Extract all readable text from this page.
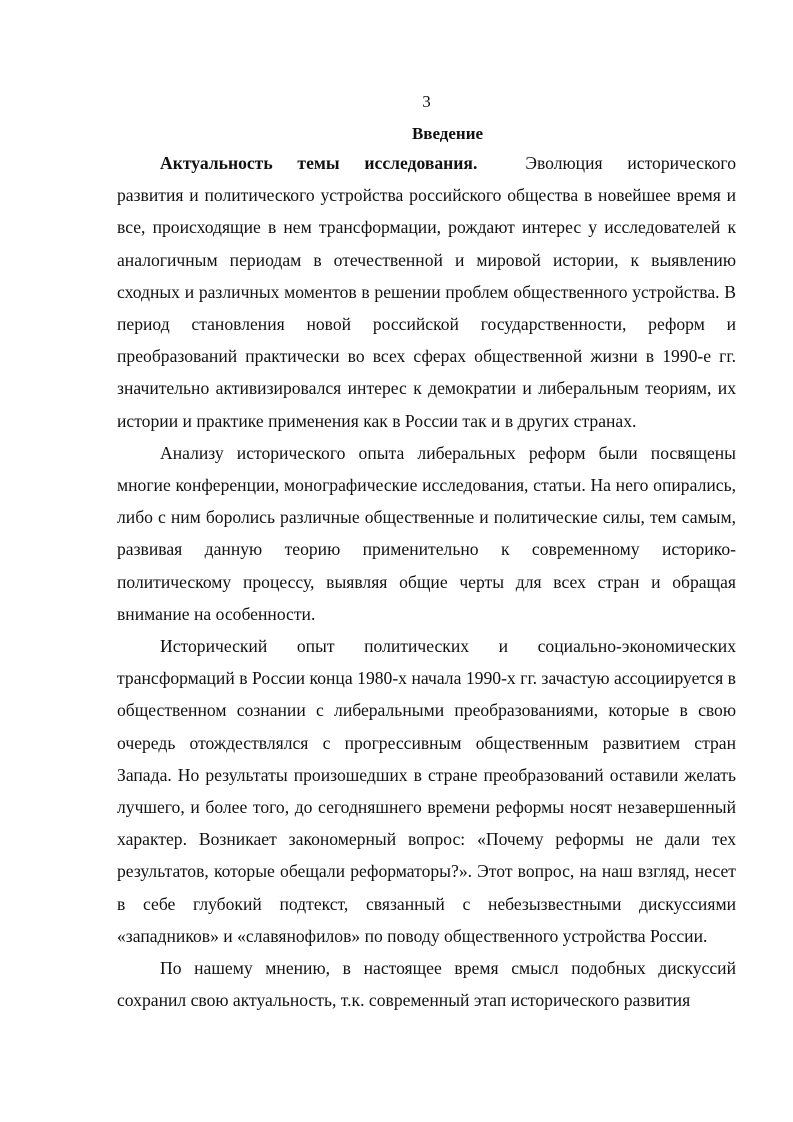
3
Введение

Актуальность темы исследования.	Эволюция исторического развития и политического устройства российского общества в новейшее время и все, происходящие в нем трансформации, рождают интерес у исследователей к аналогичным периодам в отечественной и мировой истории, к выявлению сходных и различных моментов в решении проблем общественного устройства. В период становления новой российской государственности, реформ и преобразований практически во всех сферах общественной жизни в 1990-е гг. значительно активизировался интерес к демократии и либеральным теориям, их истории и практике применения как в России так и в других странах.

Анализу исторического опыта либеральных реформ были посвящены многие конференции, монографические исследования, статьи. На него опирались, либо с ним боролись различные общественные и политические силы, тем самым, развивая данную теорию применительно к современному историко-политическому процессу, выявляя общие черты для всех стран и обращая внимание на особенности.

Исторический опыт политических и социально-экономических трансформаций в России конца 1980-х начала 1990-х гг. зачастую ассоциируется в общественном сознании с либеральными преобразованиями, которые в свою очередь отождествлялся с прогрессивным общественным развитием стран Запада. Но результаты произошедших в стране преобразований оставили желать лучшего, и более того, до сегодняшнего времени реформы носят незавершенный характер. Возникает закономерный вопрос: «Почему реформы не дали тех результатов, которые обещали реформаторы?». Этот вопрос, на наш взгляд, несет в себе глубокий подтекст, связанный с небезызвестными дискуссиями «западников» и «славянофилов» по поводу общественного устройства России.

По нашему мнению, в настоящее время смысл подобных дискуссий сохранил свою актуальность, т.к. современный этап исторического развития
